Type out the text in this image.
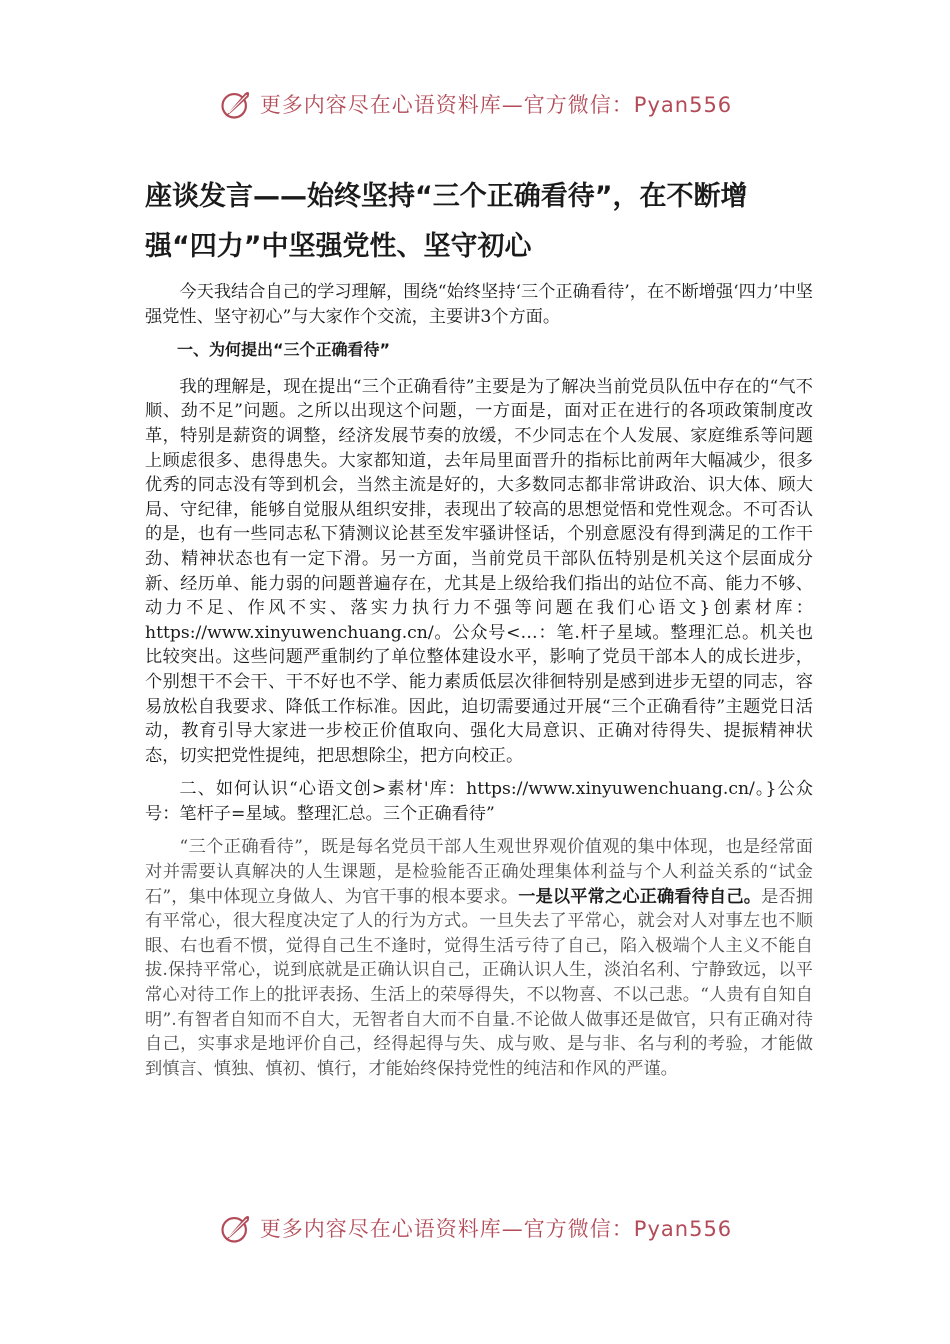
更多内容尽在心语资料库—官方微信：Pyan556
座谈发言——始终坚持“三个正确看待”，在不断增强“四力”中坚强党性、坚守初心

今天我结合自己的学习理解，围绕“始终坚持‘三个正确看待’，在不断增强‘四力’中坚强党性、坚守初心”与大家作个交流，主要讲3个方面。

一、为何提出“三个正确看待”

我的理解是，现在提出“三个正确看待”主要是为了解决当前党员队伍中存在的“气不顺、劲不足”问题。之所以出现这个问题，一方面是，面对正在进行的各项政策制度改革，特别是薪资的调整，经济发展节奏的放缓，不少同志在个人发展、家庭维系等问题上顾虑很多、患得患失。大家都知道，去年局里面晋升的指标比前两年大幅减少，很多优秀的同志没有等到机会，当然主流是好的，大多数同志都非常讲政治、识大体、顾大局、守纪律，能够自觉服从组织安排，表现出了较高的思想觉悟和党性观念。不可否认的是，也有一些同志私下猜测议论甚至发牢骚讲怪话，个别意愿没有得到满足的工作干劲、精神状态也有一定下滑。另一方面，当前党员干部队伍特别是机关这个层面成分新、经历单、能力弱的问题普遍存在，尤其是上级给我们指出的站位不高、能力不够、动力不足、作风不实、落实力执行力不强等问题在我们心语文}创素材库：https://www.xinyuwenchuang.cn/。公众号<…：笔.杆子星域。整理汇总。机关也比较突出。这些问题严重制约了单位整体建设水平，影响了党员干部本人的成长进步，个别想干不会干、干不好也不学、能力素质低层次徘徊特别是感到进步无望的同志，容易放松自我要求、降低工作标准。因此，迫切需要通过开展“三个正确看待”主题党日活动，教育引导大家进一步校正价值取向、强化大局意识、正确对待得失、提振精神状态，切实把党性提纯，把思想除尘，把方向校正。

二、如何认识“心语文创>素材'库：https://www.xinyuwenchuang.cn/。}公众号：笔杆子=星域。整理汇总。三个正确看待”

“三个正确看待”，既是每名党员干部人生观世界观价值观的集中体现，也是经常面对并需要认真解决的人生课题，是检验能否正确处理集体利益与个人利益关系的“试金石”，集中体现立身做人、为官干事的根本要求。一是以平常之心正确看待自己。是否拥有平常心，很大程度决定了人的行为方式。一旦失去了平常心，就会对人对事左也不顺眼、右也看不惯，觉得自己生不逢时，觉得生活亏待了自己，陷入极端个人主义不能自拔.保持平常心，说到底就是正确认识自己，正确认识人生，淡泊名利、宁静致远，以平常心对待工作上的批评表扬、生活上的荣辱得失，不以物喜、不以己悲。“人贵有自知自明”.有智者自知而不自大，无智者自大而不自量.不论做人做事还是做官，只有正确对待自己，实事求是地评价自己，经得起得与失、成与败、是与非、名与利的考验，才能做到慎言、慎独、慎初、慎行，才能始终保持党性的纯洁和作风的严谨。

更多内容尽在心语资料库—官方微信：Pyan556
